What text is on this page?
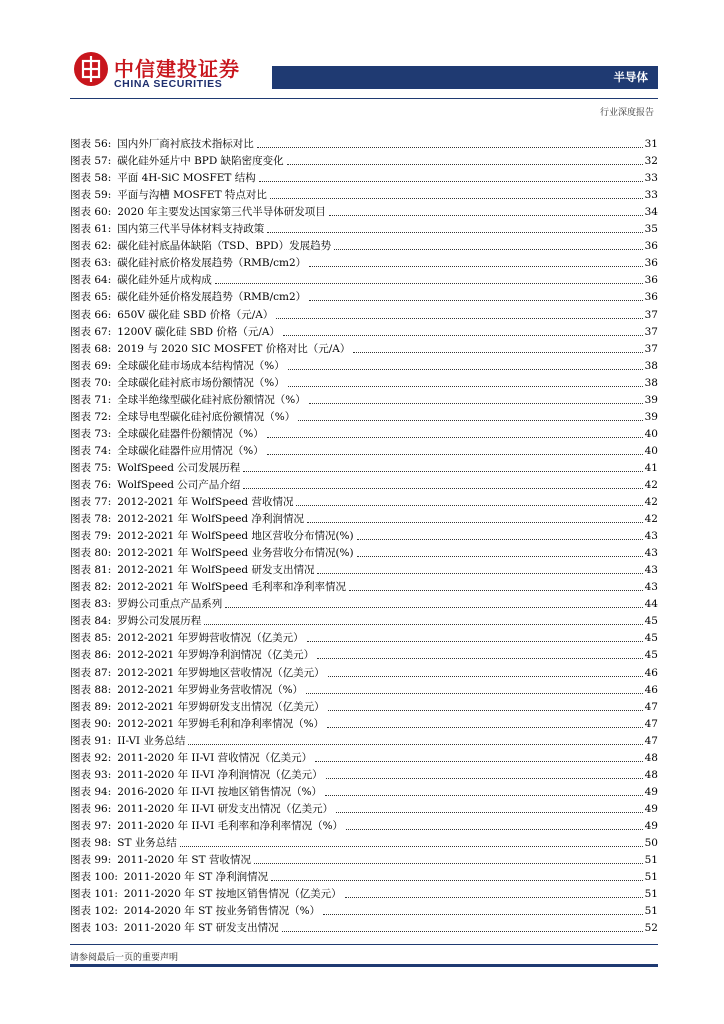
中信建投证券
CHINA SECURITIES	半导体
行业深度报告
图表 56: 国内外厂商衬底技术指标对比	31
图表 57: 碳化硅外延片中 BPD 缺陷密度变化	32
图表 58: 平面 4H-SiC MOSFET 结构	33
图表 59: 平面与沟槽 MOSFET 特点对比	33
图表 60: 2020 年主要发达国家第三代半导体研发项目	34
图表 61: 国内第三代半导体材料支持政策	35
图表 62: 碳化硅衬底晶体缺陷（TSD、BPD）发展趋势	36
图表 63: 碳化硅衬底价格发展趋势（RMB/cm2）	36
图表 64: 碳化硅外延片成构成	36
图表 65: 碳化硅外延价格发展趋势（RMB/cm2）	36
图表 66: 650V 碳化硅 SBD 价格（元/A）	37
图表 67: 1200V 碳化硅 SBD 价格（元/A）	37
图表 68: 2019 与 2020 SIC MOSFET 价格对比（元/A）	37
图表 69: 全球碳化硅市场成本结构情况（%）	38
图表 70: 全球碳化硅衬底市场份额情况（%）	38
图表 71: 全球半绝缘型碳化硅衬底份额情况（%）	39
图表 72: 全球导电型碳化硅衬底份额情况（%）	39
图表 73: 全球碳化硅器件份额情况（%）	40
图表 74: 全球碳化硅器件应用情况（%）	40
图表 75: WolfSpeed 公司发展历程	41
图表 76: WolfSpeed 公司产品介绍	42
图表 77: 2012-2021 年 WolfSpeed 营收情况	42
图表 78: 2012-2021 年 WolfSpeed 净利润情况	42
图表 79: 2012-2021 年 WolfSpeed 地区营收分布情况(%)	43
图表 80: 2012-2021 年 WolfSpeed 业务营收分布情况(%)	43
图表 81: 2012-2021 年 WolfSpeed 研发支出情况	43
图表 82: 2012-2021 年 WolfSpeed 毛利率和净利率情况	43
图表 83: 罗姆公司重点产品系列	44
图表 84: 罗姆公司发展历程	45
图表 85: 2012-2021 年罗姆营收情况（亿美元）	45
图表 86: 2012-2021 年罗姆净利润情况（亿美元）	45
图表 87: 2012-2021 年罗姆地区营收情况（亿美元）	46
图表 88: 2012-2021 年罗姆业务营收情况（%）	46
图表 89: 2012-2021 年罗姆研发支出情况（亿美元）	47
图表 90: 2012-2021 年罗姆毛利和净利率情况（%）	47
图表 91: II-VI 业务总结	47
图表 92: 2011-2020 年 II-VI 营收情况（亿美元）	48
图表 93: 2011-2020 年 II-VI 净利润情况（亿美元）	48
图表 94: 2016-2020 年 II-VI 按地区销售情况（%）	49
图表 96: 2011-2020 年 II-VI 研发支出情况（亿美元）	49
图表 97: 2011-2020 年 II-VI 毛利率和净利率情况（%）	49
图表 98: ST 业务总结	50
图表 99: 2011-2020 年 ST 营收情况	51
图表 100: 2011-2020 年 ST 净利润情况	51
图表 101: 2011-2020 年 ST 按地区销售情况（亿美元）	51
图表 102: 2014-2020 年 ST 按业务销售情况（%）	51
图表 103: 2011-2020 年 ST 研发支出情况	52
请参阅最后一页的重要声明
